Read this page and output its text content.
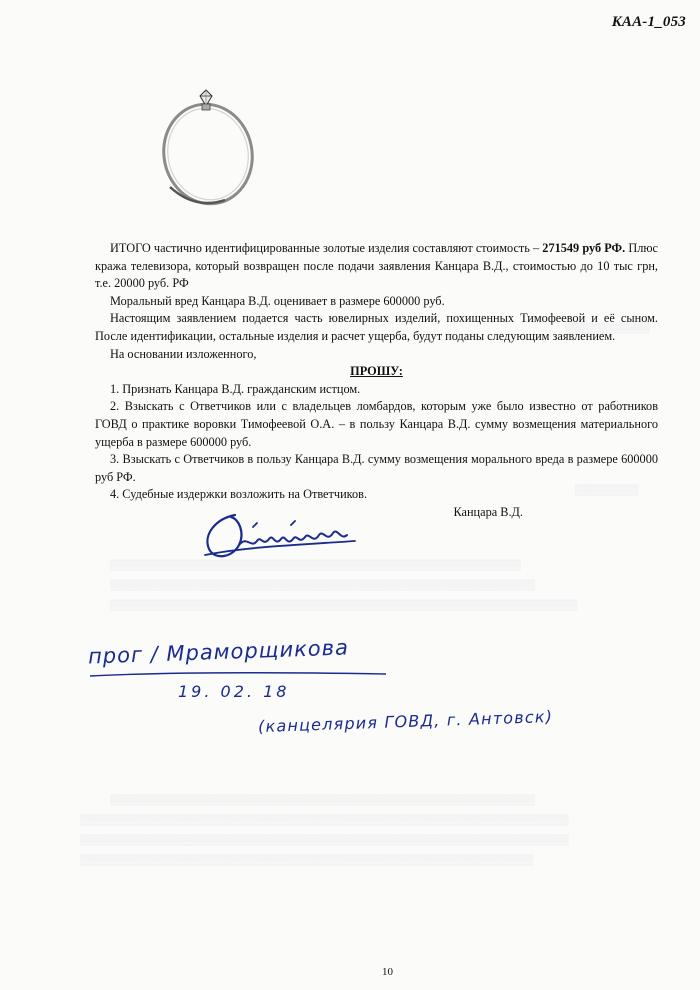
KAA-1_053
▒▒▒▒▒▒▒▒▒▒▒▒
▒▒▒▒▒▒▒▒▒
▒▒▒▒▒▒▒▒▒▒▒▒▒▒▒▒▒▒▒▒▒▒▒▒▒▒▒▒▒▒▒▒▒▒▒▒▒▒▒▒▒▒▒▒▒▒▒▒▒▒▒▒▒▒▒▒▒▒
▒▒▒▒▒▒▒▒▒▒▒▒▒▒▒▒▒▒▒▒▒▒▒▒▒▒▒▒▒▒▒▒▒▒▒▒▒▒▒▒▒▒▒▒▒▒▒▒▒▒▒▒▒▒▒▒▒▒▒▒
▒▒▒▒▒▒▒▒▒▒▒▒▒▒▒▒▒▒▒▒▒▒▒▒▒▒▒▒▒▒▒▒▒▒▒▒▒▒▒▒▒▒▒▒▒▒▒▒▒▒▒▒▒▒▒▒▒▒▒▒▒▒▒▒▒▒
▒▒▒▒▒▒▒▒▒▒▒▒▒▒▒▒▒▒▒▒▒▒▒▒▒▒▒▒▒▒▒▒▒▒▒▒▒▒▒▒▒▒▒▒▒▒▒▒▒▒▒▒▒▒▒▒▒▒▒▒
▒▒▒▒▒▒▒▒▒▒▒▒▒▒▒▒▒▒▒▒▒▒▒▒▒▒▒▒▒▒▒▒▒▒▒▒▒▒▒▒▒▒▒▒▒▒▒▒▒▒▒▒▒▒▒▒▒▒▒▒▒▒▒▒▒▒▒▒▒
▒▒▒▒▒▒▒▒▒▒▒▒▒▒▒▒▒▒▒▒▒▒▒▒▒▒▒▒▒▒▒▒▒▒▒▒▒▒▒▒▒▒▒▒▒▒▒▒▒▒▒▒▒▒▒▒▒▒▒▒▒▒▒▒▒▒▒▒▒
▒▒▒▒▒▒▒▒▒▒▒▒▒▒▒▒▒▒▒▒▒▒▒▒▒▒▒▒▒▒▒▒▒▒▒▒▒▒▒▒▒▒▒▒▒▒▒▒▒▒▒▒▒▒▒▒▒▒▒▒▒▒▒▒

ИТОГО частично идентифицированные золотые изделия составляют стоимость – 271549 руб РФ. Плюс кража телевизора, который возвращен после подачи заявления Канцара В.Д., стоимостью до 10 тыс грн, т.е. 20000 руб. РФ

Моральный вред Канцара В.Д. оценивает в размере 600000 руб.

Настоящим заявлением подается часть ювелирных изделий, похищенных Тимофеевой и её сыном. После идентификации, остальные изделия и расчет ущерба, будут поданы следующим заявлением.

На основании изложенного,

ПРОШУ:

1. Признать Канцара В.Д. гражданским истцом.

2. Взыскать с Ответчиков или с владельцев ломбардов, которым уже было известно от работников ГОВД о практике воровки Тимофеевой О.А. – в пользу Канцара В.Д. сумму возмещения материального ущерба в размере 600000 руб.

3. Взыскать с Ответчиков в пользу Канцара В.Д. сумму возмещения морального вреда в размере 600000 руб РФ.

4. Судебные издержки возложить на Ответчиков.

Канцара В.Д.

прог / Мраморщикова
19. 02. 18
(канцелярия ГОВД, г. Антовск)
10
